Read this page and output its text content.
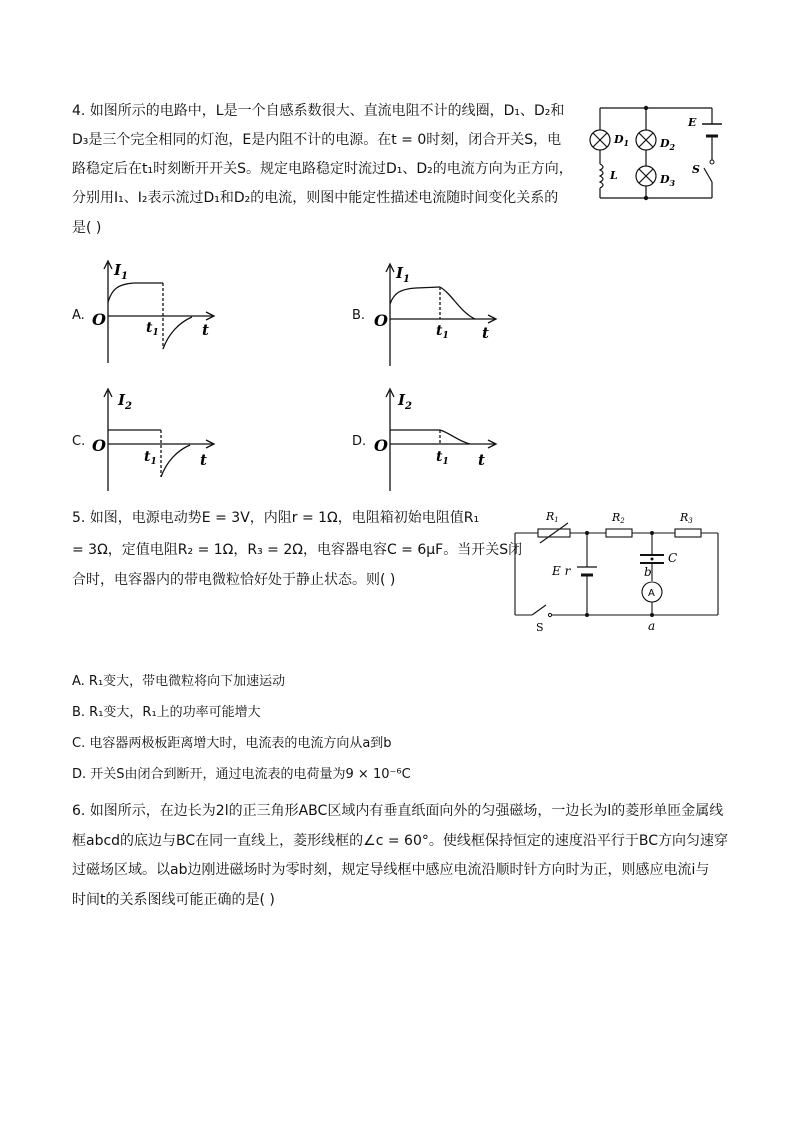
4. 如图所示的电路中，L是一个自感系数很大、直流电阻不计的线圈，D₁、D₂和
D₃是三个完全相同的灯泡，E是内阻不计的电源。在t = 0时刻，闭合开关S，电
路稳定后在t₁时刻断开开关S。规定电路稳定时流过D₁、D₂的电流方向为正方向，
分别用I₁、I₂表示流过D₁和D₂的电流，则图中能定性描述电流随时间变化关系的
是( )
$D_1$	$D_2$
$D_3$
E
S
L
A.	B.
C.	D.
$I_1$
O	$t_1$	t
$I_1$
O
$t_1$ t
$I_2$
O
$t_1$	t
$I_2$
O
$t_1$ t
5. 如图，电源电动势E = 3V，内阻r = 1Ω，电阻箱初始电阻值R₁
= 3Ω，定值电阻R₂ = 1Ω，R₃ = 2Ω，电容器电容C = 6μF。当开关S闭
合时，电容器内的带电微粒恰好处于静止状态。则( )
R1	R2	R3
E r
C
b
a
A
S
A. R₁变大，带电微粒将向下加速运动
B. R₁变大，R₁上的功率可能增大
C. 电容器两极板距离增大时，电流表的电流方向从a到b
D. 开关S由闭合到断开，通过电流表的电荷量为9 × 10⁻⁶C
6. 如图所示，在边长为2l的正三角形ABC区域内有垂直纸面向外的匀强磁场，一边长为l的菱形单匝金属线
框abcd的底边与BC在同一直线上，菱形线框的∠c = 60°。使线框保持恒定的速度沿平行于BC方向匀速穿
过磁场区域。以ab边刚进磁场时为零时刻，规定导线框中感应电流沿顺时针方向时为正，则感应电流i与
时间t的关系图线可能正确的是( )
